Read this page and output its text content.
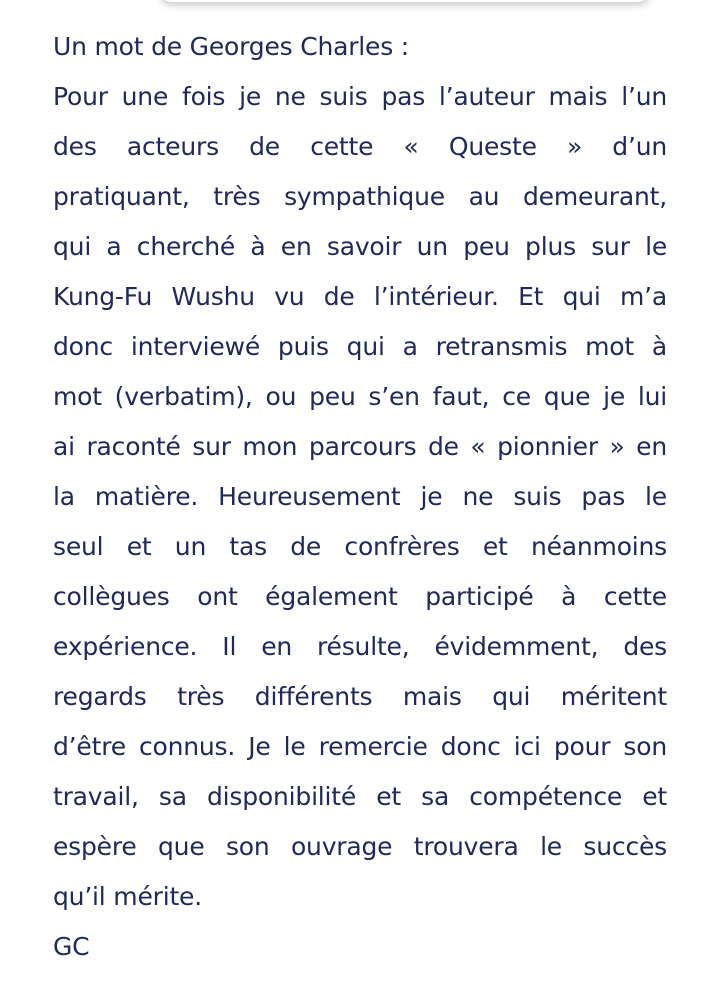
Un mot de Georges Charles :
Pour une fois je ne suis pas l’auteur mais l’un
des acteurs de cette « Queste » d’un
pratiquant, très sympathique au demeurant,
qui a cherché à en savoir un peu plus sur le
Kung-Fu Wushu vu de l’intérieur. Et qui m’a
donc interviewé puis qui a retransmis mot à
mot (verbatim), ou peu s’en faut, ce que je lui
ai raconté sur mon parcours de « pionnier » en
la matière. Heureusement je ne suis pas le
seul et un tas de confrères et néanmoins
collègues ont également participé à cette
expérience. Il en résulte, évidemment, des
regards très différents mais qui méritent
d’être connus. Je le remercie donc ici pour son
travail, sa disponibilité et sa compétence et
espère que son ouvrage trouvera le succès
qu’il mérite.
GC
